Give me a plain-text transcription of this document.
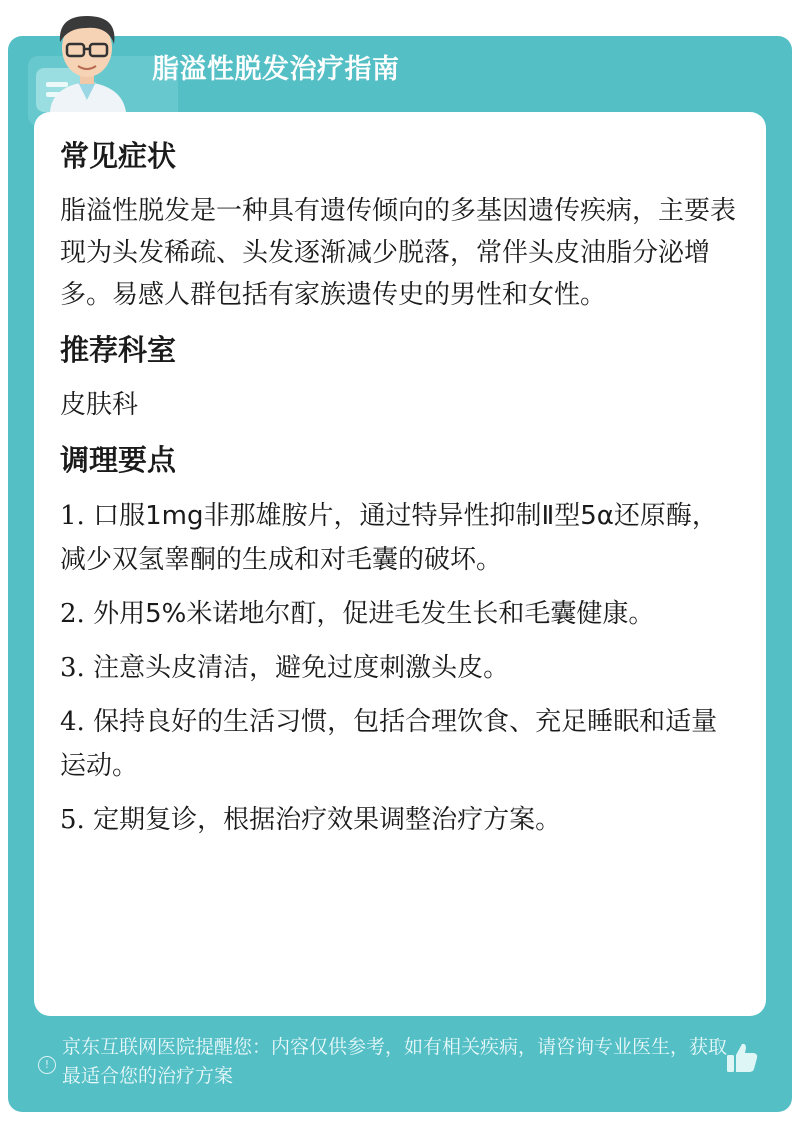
脂溢性脱发治疗指南
常见症状
脂溢性脱发是一种具有遗传倾向的多基因遗传疾病，主要表现为头发稀疏、头发逐渐减少脱落，常伴头皮油脂分泌增多。易感人群包括有家族遗传史的男性和女性。
推荐科室
皮肤科
调理要点
1. 口服1mg非那雄胺片，通过特异性抑制Ⅱ型5α还原酶，减少双氢睾酮的生成和对毛囊的破坏。
2. 外用5%米诺地尔酊，促进毛发生长和毛囊健康。
3. 注意头皮清洁，避免过度刺激头皮。
4. 保持良好的生活习惯，包括合理饮食、充足睡眠和适量运动。
5. 定期复诊，根据治疗效果调整治疗方案。
!
京东互联网医院提醒您：内容仅供参考，如有相关疾病，请咨询专业医生，获取最适合您的治疗方案
